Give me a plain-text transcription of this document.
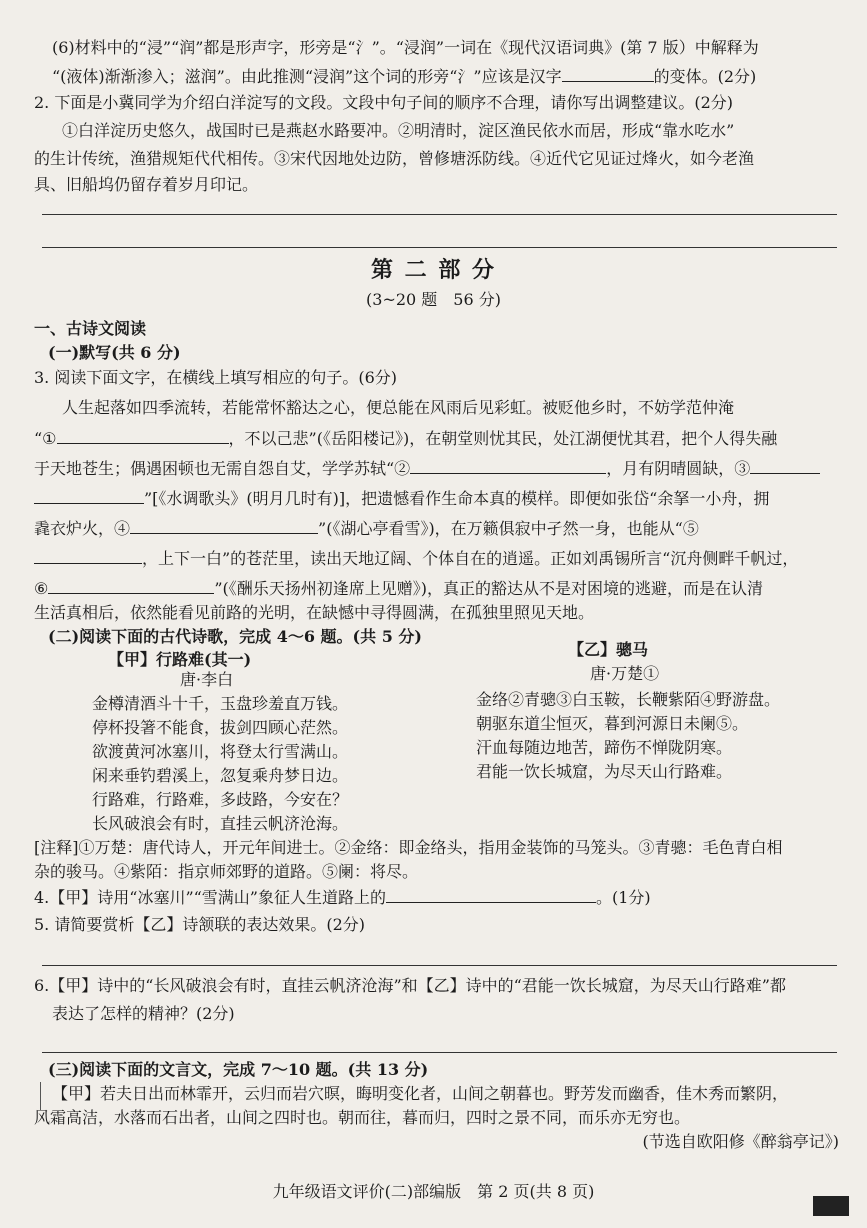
(6)材料中的“浸”“润”都是形声字，形旁是“氵”。“浸润”一词在《现代汉语词典》(第 7 版）中解释为
“(液体)渐渐渗入；滋润”。由此推测“浸润”这个词的形旁“氵”应该是汉字	的变体。(2分)
2. 下面是小冀同学为介绍白洋淀写的文段。文段中句子间的顺序不合理，请你写出调整建议。(2分)
①白洋淀历史悠久，战国时已是燕赵水路要冲。②明清时，淀区渔民依水而居，形成“靠水吃水”
的生计传统，渔猎规矩代代相传。③宋代因地处边防，曾修塘泺防线。④近代它见证过烽火，如今老渔
具、旧船坞仍留存着岁月印记。
第 二 部 分
(3~20 题　56 分)
一、古诗文阅读
(一)默写(共 6 分)
3. 阅读下面文字，在横线上填写相应的句子。(6分)
人生起落如四季流转，若能常怀豁达之心，便总能在风雨后见彩虹。被贬他乡时，不妨学范仲淹
“①	，不以己悲”(《岳阳楼记》)，在朝堂则忧其民，处江湖便忧其君，把个人得失融
于天地苍生；偶遇困顿也无需自怨自艾，学学苏轼“②	，月有阴晴圆缺，③
”[《水调歌头》(明月几时有)]，把遗憾看作生命本真的模样。即便如张岱“余拏一小舟，拥
毳衣炉火，④	”(《湖心亭看雪》)，在万籁俱寂中孑然一身，也能从“⑤
，上下一白”的苍茫里，读出天地辽阔、个体自在的逍遥。正如刘禹锡所言“沉舟侧畔千帆过，
⑥	”(《酬乐天扬州初逢席上见赠》)，真正的豁达从不是对困境的逃避，而是在认清
生活真相后，依然能看见前路的光明，在缺憾中寻得圆满，在孤独里照见天地。
(二)阅读下面的古代诗歌，完成 4～6 题。(共 5 分)
【甲】行路难(其一)
唐·李白
金樽清酒斗十千，玉盘珍羞直万钱。
停杯投箸不能食，拔剑四顾心茫然。
欲渡黄河冰塞川，将登太行雪满山。
闲来垂钓碧溪上，忽复乘舟梦日边。
行路难，行路难，多歧路，今安在？
长风破浪会有时，直挂云帆济沧海。
【乙】骢马
唐·万楚①
金络②青骢③白玉鞍，长鞭紫陌④野游盘。
朝驱东道尘恒灭，暮到河源日未阑⑤。
汗血每随边地苦，蹄伤不惮陇阴寒。
君能一饮长城窟，为尽天山行路难。
[注释]①万楚：唐代诗人，开元年间进士。②金络：即金络头，指用金装饰的马笼头。③青骢：毛色青白相
杂的骏马。④紫陌：指京师郊野的道路。⑤阑：将尽。
4.【甲】诗用“冰塞川”“雪满山”象征人生道路上的	。(1分)
5. 请简要赏析【乙】诗颔联的表达效果。(2分)
6.【甲】诗中的“长风破浪会有时，直挂云帆济沧海”和【乙】诗中的“君能一饮长城窟，为尽天山行路难”都
表达了怎样的精神？(2分)
(三)阅读下面的文言文，完成 7～10 题。(共 13 分)
【甲】若夫日出而林霏开，云归而岩穴暝，晦明变化者，山间之朝暮也。野芳发而幽香，佳木秀而繁阴，
风霜高洁，水落而石出者，山间之四时也。朝而往，暮而归，四时之景不同，而乐亦无穷也。
(节选自欧阳修《醉翁亭记》)
九年级语文评价(二)部编版　第 2 页(共 8 页)
